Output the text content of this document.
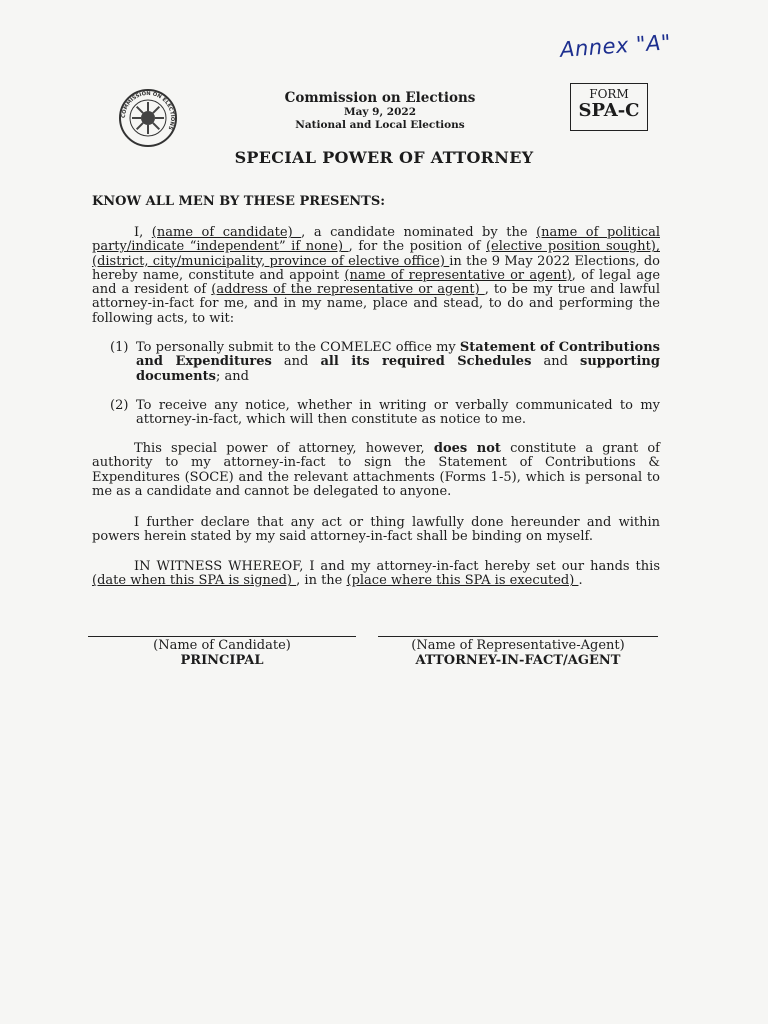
Annex "A"
COMMISSION ON ELECTIONS
Commission on Elections
May 9, 2022
National and Local Elections
FORM
SPA-C
SPECIAL POWER OF ATTORNEY
KNOW ALL MEN BY THESE PRESENTS:
I, (name of candidate) , a candidate nominated by the (name of political party/indicate “independent” if none) , for the position of (elective position sought), (district, city/municipality, province of elective office) in the 9 May 2022 Elections, do hereby name, constitute and appoint (name of representative or agent), of legal age and a resident of (address of the representative or agent) , to be my true and lawful attorney-in-fact for me, and in my name, place and stead, to do and performing the following acts, to wit:
(1) To personally submit to the COMELEC office my Statement of Contributions and Expenditures and all its required Schedules and supporting documents; and
(2) To receive any notice, whether in writing or verbally communicated to my attorney-in-fact, which will then constitute as notice to me.
This special power of attorney, however, does not constitute a grant of authority to my attorney-in-fact to sign the Statement of Contributions & Expenditures (SOCE) and the relevant attachments (Forms 1-5), which is personal to me as a candidate and cannot be delegated to anyone.
I further declare that any act or thing lawfully done hereunder and within powers herein stated by my said attorney-in-fact shall be binding on myself.
IN WITNESS WHEREOF, I and my attorney-in-fact hereby set our hands this (date when this SPA is signed) , in the (place where this SPA is executed) .
(Name of Candidate)
PRINCIPAL
(Name of Representative-Agent)
ATTORNEY-IN-FACT/AGENT
